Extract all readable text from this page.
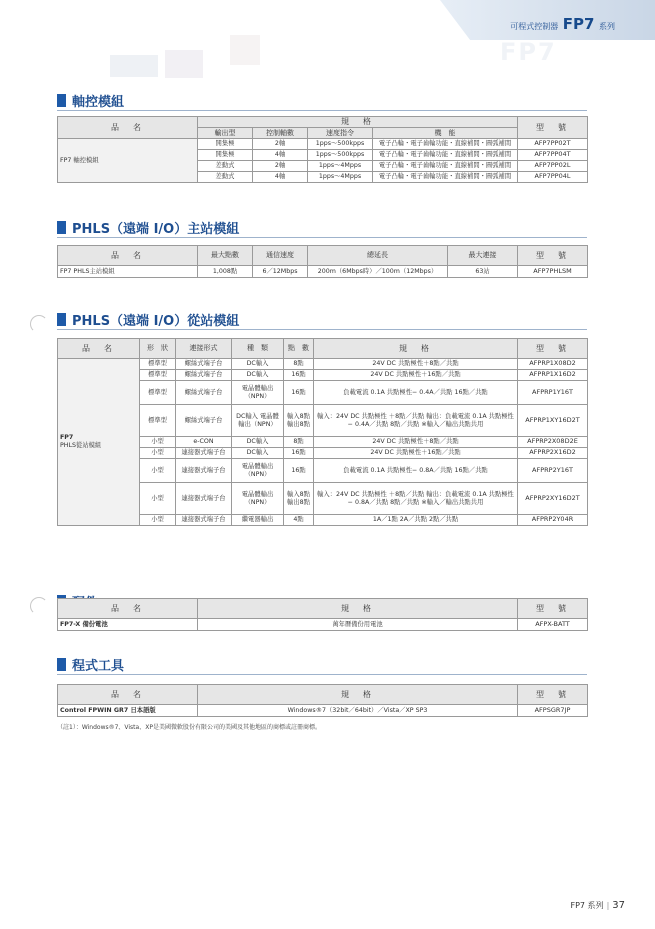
可程式控制器 FP7 系列
FP7
軸控模組
品　名	規　格				型　號
	輸出型	控制軸數	速度指令	機　能	
FP7 軸控模組	開集極	2軸	1pps〜500kpps	電子凸輪・電子齒輪功能・直線補間・圓弧補間	AFP7PP02T
	開集極	4軸	1pps〜500kpps	電子凸輪・電子齒輪功能・直線補間・圓弧補間	AFP7PP04T
	差動式	2軸	1pps〜4Mpps	電子凸輪・電子齒輪功能・直線補間・圓弧補間	AFP7PP02L
	差動式	4軸	1pps〜4Mpps	電子凸輪・電子齒輪功能・直線補間・圓弧補間	AFP7PP04L
PHLS（遠端 I/O）主站模組
品　名	最大點數	通信速度	總延長	最大連接	型　號
FP7 PHLS主站模組	1,008點	6／12Mbps	200m（6Mbps時）／100m（12Mbps）	63站	AFP7PHLSM
PHLS（遠端 I/O）從站模組
品　名	形　狀	連接形式	種　類	點　數	規　格	型　號
FP7
PHLS從站模組	標準型	螺絲式端子台	DC輸入	8點	24V DC 共點極性＋8點／共點	AFPRP1X08D2
	標準型	螺絲式端子台	DC輸入	16點	24V DC 共點極性＋16點／共點	AFPRP1X16D2
	標準型	螺絲式端子台	電晶體輸出（NPN）	16點	負載電流 0.1A 共點極性− 0.4A／共點 16點／共點	AFPRP1Y16T
	標準型	螺絲式端子台	DC輸入 電晶體輸出（NPN）	輸入8點 輸出8點	輸入：24V DC 共點極性 ＋8點／共點 輸出：負載電流 0.1A 共點極性− 0.4A／共點 8點／共點 ※輸入／輸出共點共用	AFPRP1XY16D2T
	小型	e-CON	DC輸入	8點	24V DC 共點極性＋8點／共點	AFPRP2X08D2E
	小型	連接器式端子台	DC輸入	16點	24V DC 共點極性＋16點／共點	AFPRP2X16D2
	小型	連接器式端子台	電晶體輸出（NPN）	16點	負載電流 0.1A 共點極性− 0.8A／共點 16點／共點	AFPRP2Y16T
	小型	連接器式端子台	電晶體輸出（NPN）	輸入8點 輸出8點	輸入：24V DC 共點極性 ＋8點／共點 輸出：負載電流 0.1A 共點極性− 0.8A／共點 8點／共點 ※輸入／輸出共點共用	AFPRP2XY16D2T
	小型	連接器式端子台	繼電器輸出	4點	1A／1點 2A／共點 2點／共點	AFPRP2Y04R

品　名	規　格	型　號
FP7-X 備份電池	萬年曆備份用電池	AFPX-BATT
程式工具
品　名	規　格	型　號
Control FPWIN GR7 日本語版	Windows®7（32bit／64bit）／Vista／XP SP3	AFPSGR7JP
（註1）：Windows®7、Vista、XP是美國微軟股份有限公司的美國及其他地區的商標或註冊商標。
FP7 系列 | 37
